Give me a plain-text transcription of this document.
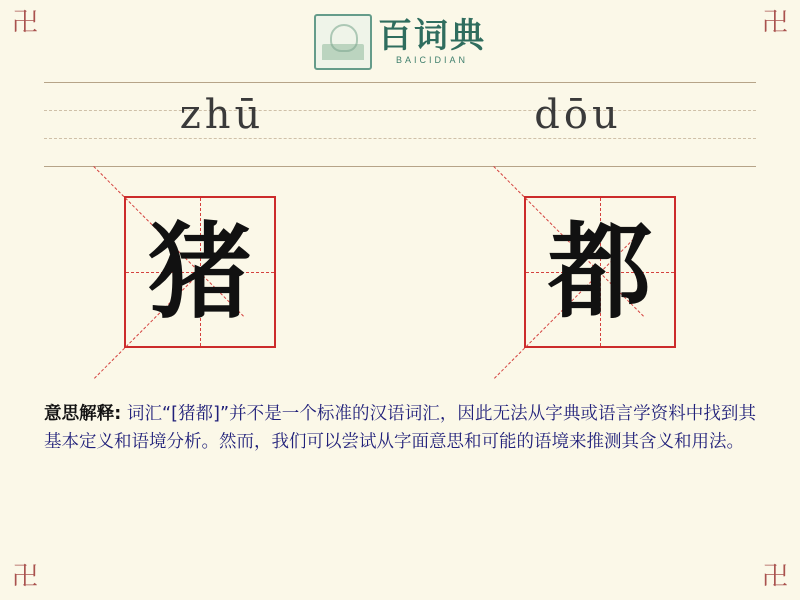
卍	卍
卍	卍
百词典
BAICIDIAN
zhū	dōu
猪	都
意思解释: 词汇“[猪都]”并不是一个标准的汉语词汇，因此无法从字典或语言学资料中找到其基本定义和语境分析。然而，我们可以尝试从字面意思和可能的语境来推测其含义和用法。
